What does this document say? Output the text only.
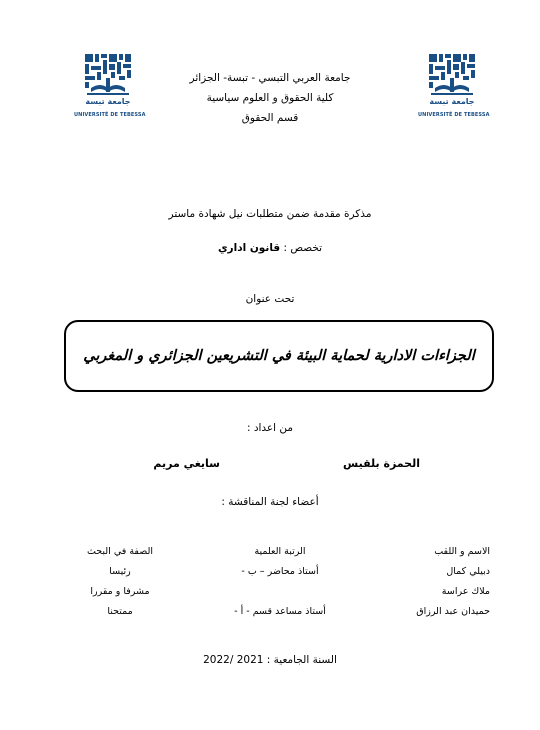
جامعة تبسة
UNIVERSITÉ DE TEBESSA
جامعة تبسة
UNIVERSITÉ DE TEBESSA
جامعة العربي التبسي - تبسة- الجزائر
كلية الحقوق و العلوم سياسية
قسم الحقوق
مذكرة مقدمة ضمن متطلبات نيل شهادة ماستر
تخصص : قانون اداري
تحت عنوان
الجزاءات الادارية لحماية البيئة في التشريعين الجزائري و المغربي
من اعداد :
الحمزة بلقيس
سايغي مريم
أعضاء لجنة المناقشة :
الاسم و اللقب	الرتبة العلمية	الصفة في البحث
دبيلي كمال	أستاذ محاضر – ب -	رئيسا
ملاك عراسة		مشرفا و مقررا
حميدان عبد الرزاق	أستاذ مساعد قسم - أ -	ممتحنا
السنة الجامعية : 2021 /2022
